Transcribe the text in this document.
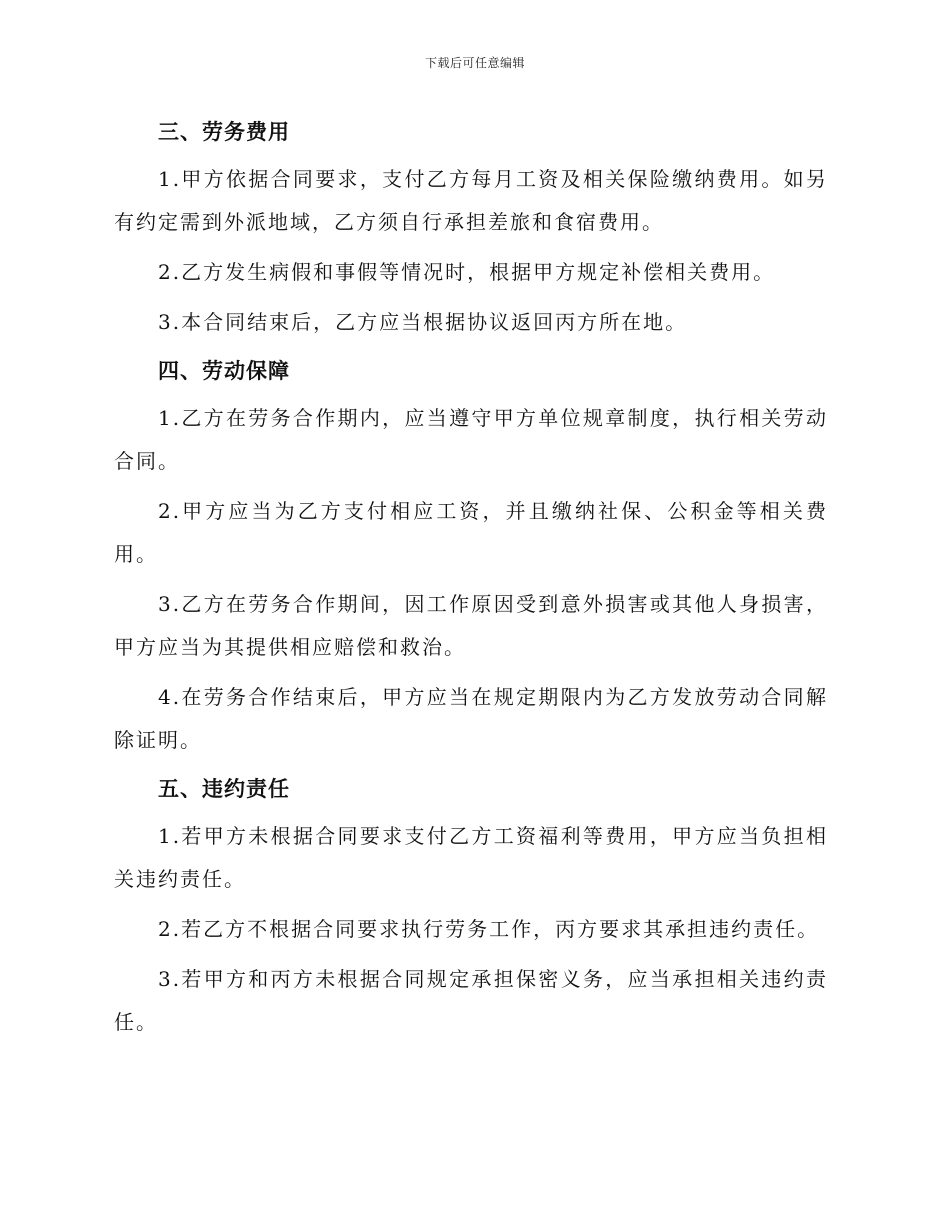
下载后可任意编辑
三、劳务费用

1.甲方依据合同要求，支付乙方每月工资及相关保险缴纳费用。如另有约定需到外派地域，乙方须自行承担差旅和食宿费用。

2.乙方发生病假和事假等情况时，根据甲方规定补偿相关费用。

3.本合同结束后，乙方应当根据协议返回丙方所在地。

四、劳动保障

1.乙方在劳务合作期内，应当遵守甲方单位规章制度，执行相关劳动合同。

2.甲方应当为乙方支付相应工资，并且缴纳社保、公积金等相关费用。

3.乙方在劳务合作期间，因工作原因受到意外损害或其他人身损害，甲方应当为其提供相应赔偿和救治。

4.在劳务合作结束后，甲方应当在规定期限内为乙方发放劳动合同解除证明。

五、违约责任

1.若甲方未根据合同要求支付乙方工资福利等费用，甲方应当负担相关违约责任。

2.若乙方不根据合同要求执行劳务工作，丙方要求其承担违约责任。

3.若甲方和丙方未根据合同规定承担保密义务，应当承担相关违约责任。
